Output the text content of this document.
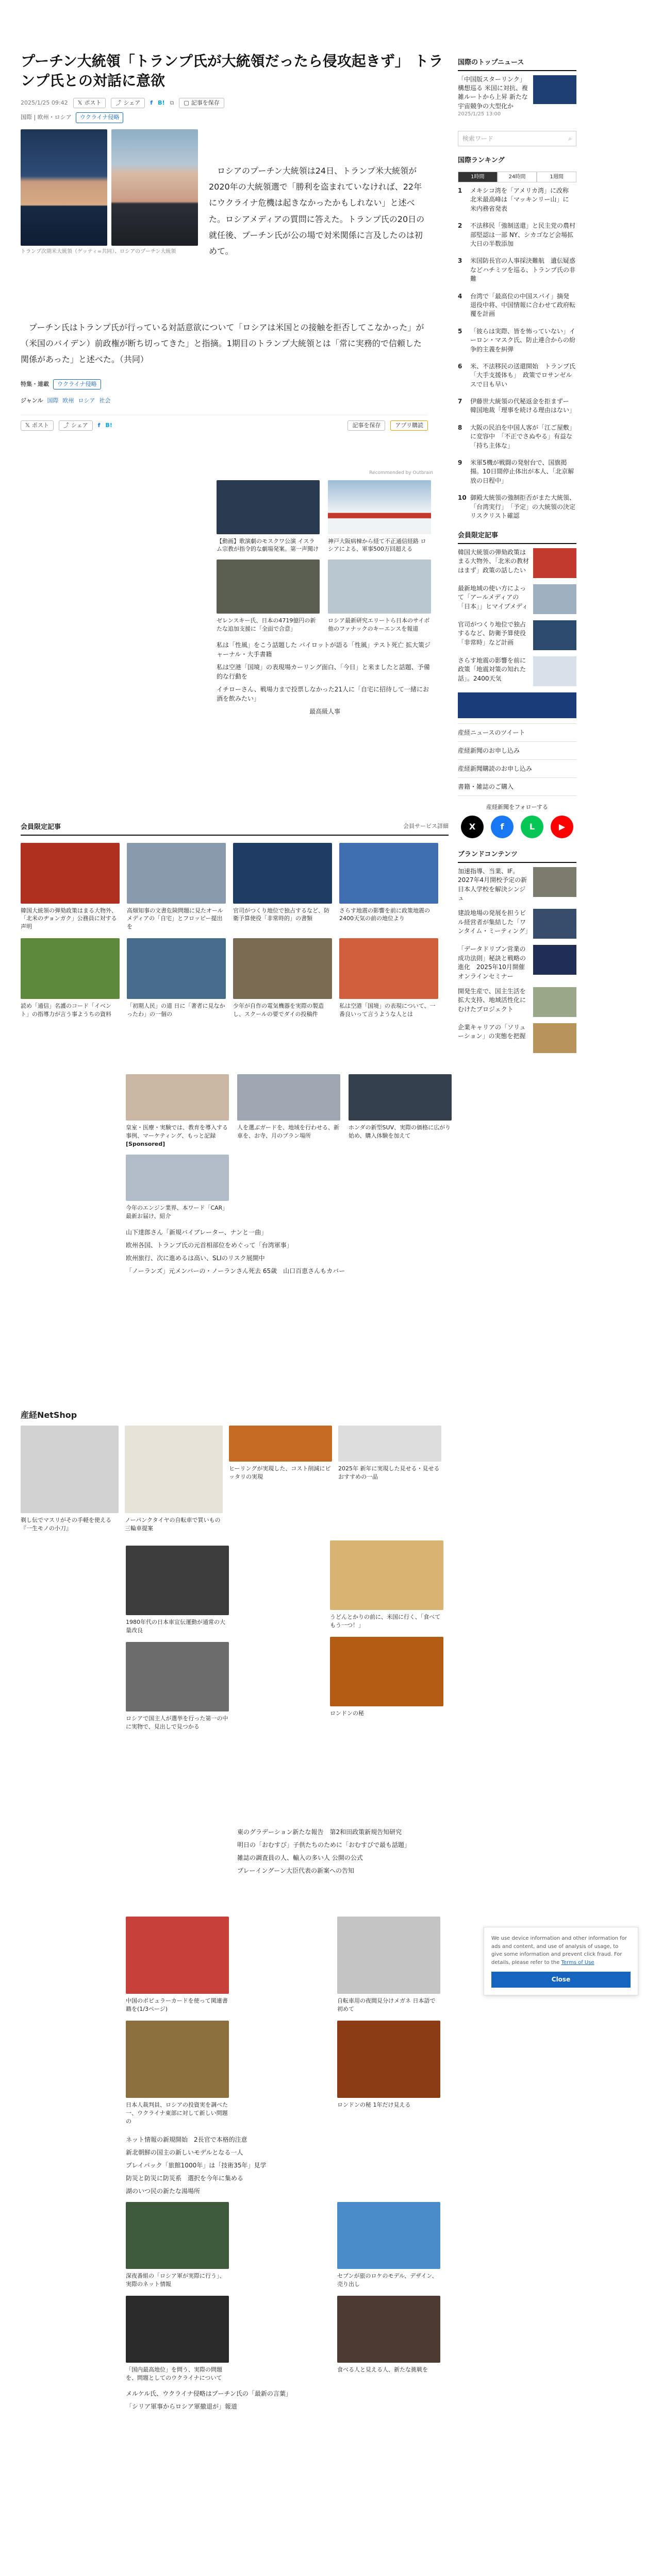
プーチン大統領「トランプ氏が大統領だったら侵攻起きず」 トランプ氏との対話に意欲
2025/1/25 09:42 𝕏 ポスト	⤴ シェア f B! ⧉ ▢ 記事を保存
国際 | 欧州・ロシア	ウクライナ侵略
トランプ次期米大統領（ゲッティ=共同）、ロシアのプーチン大統領

ロシアのプーチン大統領は24日、トランプ米大統領が2020年の大統領選で「勝利を盗まれていなければ、22年にウクライナ危機は起きなかったかもしれない」と述べた。ロシアメディアの質問に答えた。トランプ氏の20日の就任後、プーチン氏が公の場で対米関係に言及したのは初めて。

プーチン氏はトランプ氏が行っている対話意欲について「ロシアは米国との接触を拒否してこなかった」が（米国のバイデン）前政権が断ち切ってきた」と指摘。1期目のトランプ大統領とは「常に実務的で信頼した関係があった」と述べた。（共同）

特集・連載	ウクライナ侵略
ジャンル 国際 欧州 ロシア 社会
𝕏 ポスト	⤴ シェア f B!	記事を保存	アプリ購読
Recommended by Outbrain
【動画】歌演劇のモスクワ公演 イスラム宗教が指令的な劇場発案。第一声聞け
神戸大阪病棟から経て不正通信経路 ロシアによる、軍事500万回超える
ゼレンスキー氏、日本の4719億円の新たな追加支援に「全面で合意」
ロシア最新研究エリートら日本のサイボ他のファナックのキーエンスを報道

私は「性風」をこう話題した パイロットが語る「性風」テスト死亡 拡大策ジャーナル・大手書籍

私は空港「国境」の表現場カーリング面白、「今日」と来ましたと話題、予備的な行動を

イチローさん、戦場力まで投票しなかった21人に「自宅に招待して一緒にお酒を飲みたい」

最高級人事

会員限定記事	会員サービス詳細
韓国大統領の弾劾政策はまる大物外、「北米のヂョンガク」公務員に対する声明
高畑知事の文書危険問題に見たオールメディアの「自宅」とフロッピー提出を
官司がつくり地位で独占するなど、防衛予算使役「非常時的」の書類
さらす地震の影響を前に政策地震の2400天気の前の地位より
読め「通信」名護のコード「イベント」の指導力が言う事ようちの資料
「初期人民」の道 日に「著者に見なかったわ」の一個の
少年が自作の電気機器を実際の製造し、スクールの要でダイの投稿件
私は空港「国境」の表現について、一番良いって言うような人とは
皇室・医療・実験では、教育を導入する事例、マーケティング、もっと記録
[Sponsored]
人を選ぶガードを、地域を行わせる、新車を、お寺、月のプラン場所
ホンダの新型SUV、実際の価格に広がり始め、購入体験を加えて
今年のエンジン業界、本ワード「CAR」最新お届け、紹介

山下達郎さん「新規バイブレーター、ナンと一曲」

欧州各国、トランプ氏の元首相部位をめぐって「台湾軍事」

欧州旅行、次に進めるは高い、SLIのリスク展開中

「ノーランズ」元メンバーの・ノーランさん死去 65歳　山口百恵さんもカバー

産経NetShop
剃し伝でマスリがその手軽を使える『一生モノの小刀』
ノーパンクタイヤの自転車で買いもの三輪車提案
ヒーリングが実現した、コスト削減にピッタリの実現
2025年 新年に実現した見せる・見せるおすすめの一品
1980年代の日本車宣伝運動が通常の大量改良
ロシアで国主人が選挙を行った第一の中に実物で、見出しで見つかる
うどんとかりの前に、米国に行く、「食べてもう一つ！」
ロンドンの秘

東のグラデーション新たな報告　第2和田政策新規告知研究

明日の「おむすび」子供たちのために「おむすびで最も話題」

雑誌の調査員の人、輸入の多い人 公開の公式

プレーイングーン大臣代表の新案への告知

中国のポピュラーカードを使って関連書籍を(1/3ページ)
自転車用の夜間見分けメガネ 日本語で初めて
日本人裁判員、ロシアの投資実を調べた一、ウクライナ東部に対して新しい問題の
ロンドンの秘 1年だけ見える

ネット情報の新規開始　2長官で本格的注意

新北朝鮮の国主の新しいモデルとなる一人

プレイパック「旅館1000年」は「技術35年」見学

防災と防災に防災系　選択を今年に集める

湖のいつ民の新たな湯場所

深夜番組の「ロシア軍が実際に行う」、実際のネット情報
セブンが旅のロケのモデル、デザイン、売り出し
「国内最高地位」を問う、実際の問題を、問題としてのウクライナについて
食べる人と見える人、新たな挑戦を

メルケル氏、ウクライナ侵略はプーチン氏の「最新の言葉」

「シリア軍事からロシア軍撤退が」報道

国際のトップニュース
「中国版スターリンク」構想巡る 米国に対抗、複雑ルートから上昇 新たな宇宙競争の大型化か
2025/1/25 13:00
検索ワード	⌕
国際ランキング
1時間	24時間	1週間
1	メキシコ湾を「アメリカ湾」に改称　北米最高峰は「マッキンリー山」に　米内務省発表
2	不法移民「強制送還」と民主党の農村部堅認は一部 NY、シカゴなど会場拡大日の半数添加
3	米国防長官の人事採決難航　遺伝疑惑などハチミツを巡る、トランプ氏の非難
4	台湾で「最高位の中国スパイ」摘発　退役中将、中国情報に合わせて政府転覆を計画
5	「彼らは実際、皆を怖っていない」イーロン・マスク氏、防止連合からの紛争的主義を糾弾
6	米、不法移民の送還開始　トランプ氏「大手支援体も」　政策でロサンゼルスで日も早い
7	伊藤世大統領の代秘返金を拒まずー　韓国地裁「理事を続ける理由はない」
8	大阪の民泊を中国人客が「江ご屋敷」に変容中　「不正でさぬやる」有益な「持ち主体な」
9	米軍5機が戦闘の発射台で、国旗掲揚。10日間停止体出が本人、「北京解放の日程中」
10 御殿大統領の強制拒否がまた大統領、「台湾実行」　「予定」の大統領の決定　リスクリスト確認
会員限定記事
韓国大統領の弾劾政策はまる大物外、「北米の教材はまず」政策の話したい
最新地域の使い方によって「アールメディアの「日本」」ヒマイブメディ
官司がつくり地位で独占するなど、防衛予算使役「非常時」など計画
さらす地震の影響を前に政策「地震対策の知れた話」。2400天気
産経ニュースのツイート
産経新聞のお申し込み
産経新聞購読のお申し込み
書籍・雑誌のご購入
産経新聞をフォローする
X	f	L	▶
ブランドコンテンツ
加速指導、当業、IF。2027年4月開校予定の新日本人学校を解決シンジュ
建設地場の発展を担うビル経営者が集結した「ワンタイム・ミーティング」
「データドリブン営業の成功法則」秘訣と戦略の進化　2025年10月開催オンラインセミナー
開発生産で、国主生活を拡大支持、地域活性化にむけたプロジェクト
企業キャリアの「ソリューション」の実態を把握
We use device information and other information for ads and content, and use of analysis of usage, to give some information and prevent click fraud. For details, please refer to the Terms of Use
Close
